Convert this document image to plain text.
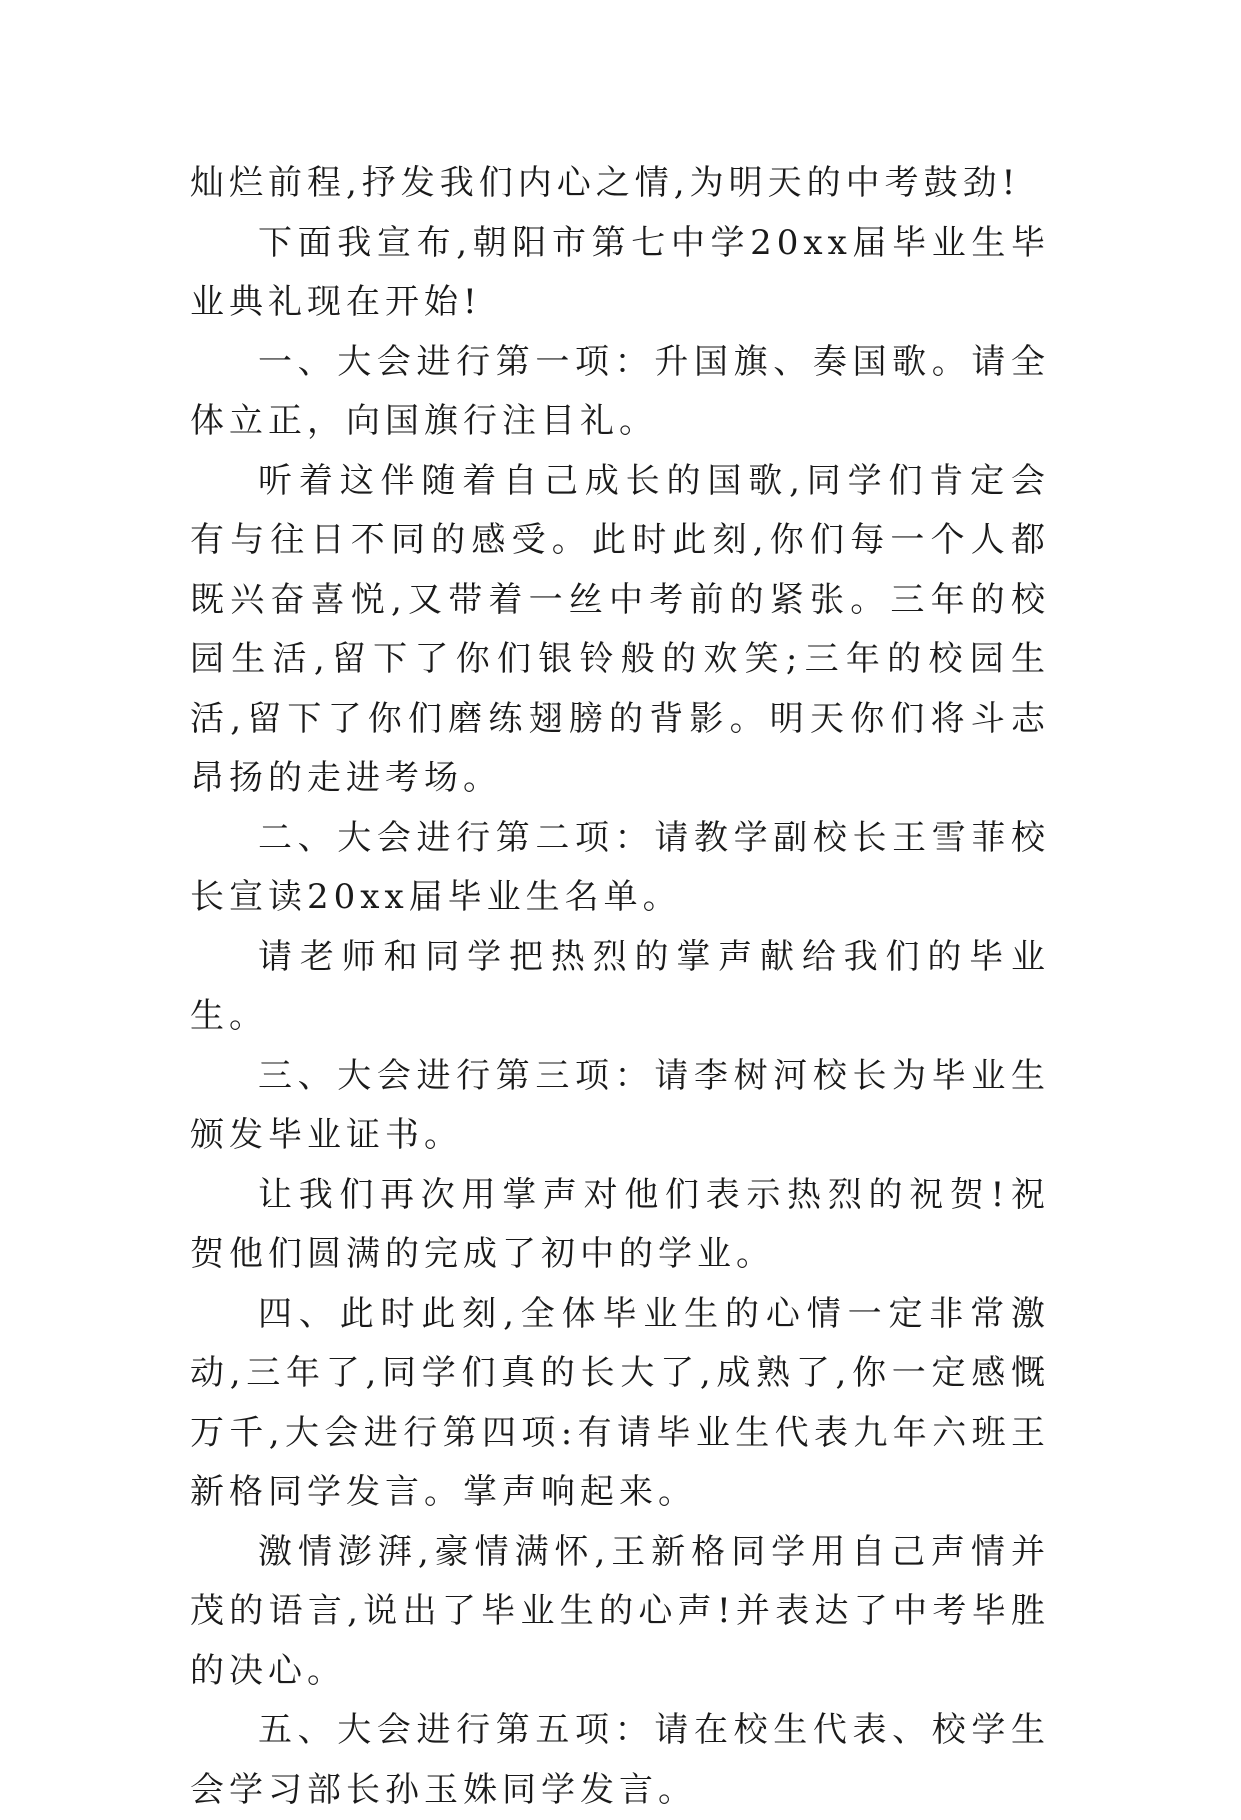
灿烂前程,抒发我们内心之情,为明天的中考鼓劲!

下面我宣布,朝阳市第七中学20xx届毕业生毕业典礼现在开始!

一、大会进行第一项：升国旗、奏国歌。请全体立正，向国旗行注目礼。

听着这伴随着自己成长的国歌,同学们肯定会有与往日不同的感受。此时此刻,你们每一个人都既兴奋喜悦,又带着一丝中考前的紧张。三年的校园生活,留下了你们银铃般的欢笑;三年的校园生活,留下了你们磨练翅膀的背影。明天你们将斗志昂扬的走进考场。

二、大会进行第二项：请教学副校长王雪菲校长宣读20xx届毕业生名单。

请老师和同学把热烈的掌声献给我们的毕业生。

三、大会进行第三项：请李树河校长为毕业生颁发毕业证书。

让我们再次用掌声对他们表示热烈的祝贺!祝贺他们圆满的完成了初中的学业。

四、此时此刻,全体毕业生的心情一定非常激动,三年了,同学们真的长大了,成熟了,你一定感慨万千,大会进行第四项:有请毕业生代表九年六班王新格同学发言。掌声响起来。

激情澎湃,豪情满怀,王新格同学用自己声情并茂的语言,说出了毕业生的心声!并表达了中考毕胜的决心。

五、大会进行第五项：请在校生代表、校学生会学习部长孙玉姝同学发言。
